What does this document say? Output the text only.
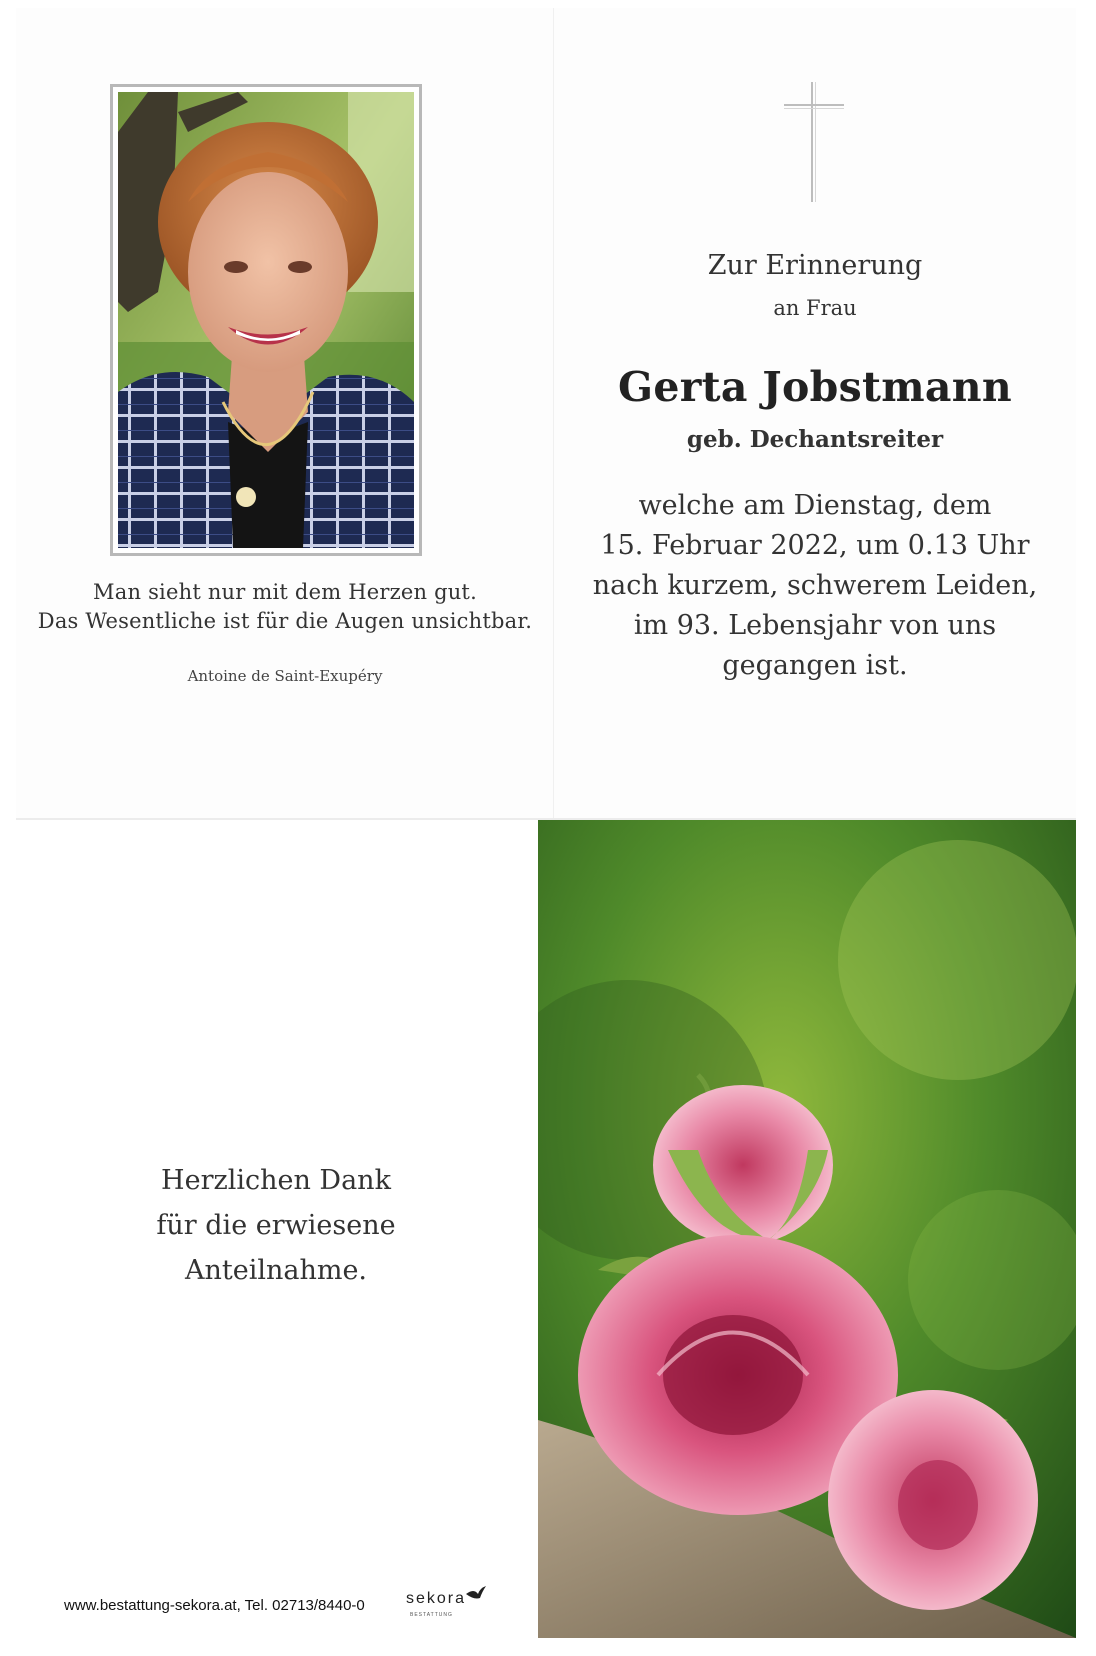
Man sieht nur mit dem Herzen gut.
Das Wesentliche ist für die Augen unsichtbar.
Antoine de Saint-Exupéry
Zur Erinnerung
an Frau
Gerta Jobstmann
geb. Dechantsreiter
welche am Dienstag, dem
15. Februar 2022, um 0.13 Uhr
nach kurzem, schwerem Leiden,
im 93. Lebensjahr von uns
gegangen ist.
Herzlichen Dank
für die erwiesene
Anteilnahme.
www.bestattung-sekora.at, Tel. 02713/8440-0	sekora
BESTATTUNG
